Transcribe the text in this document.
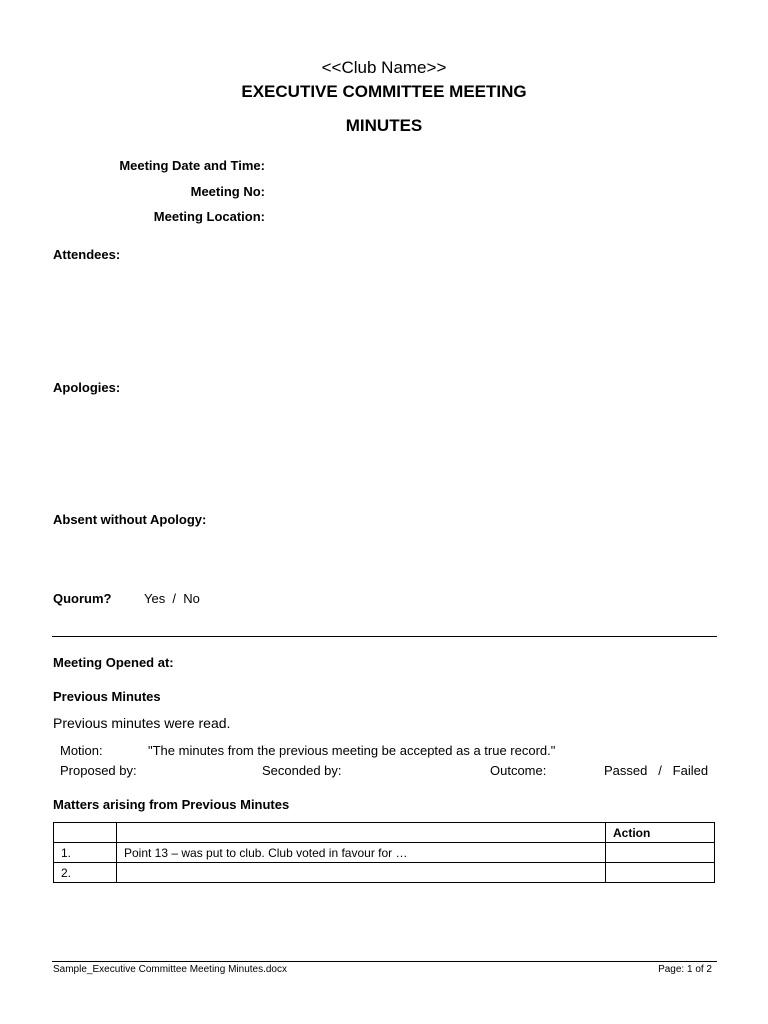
<<Club Name>>
EXECUTIVE COMMITTEE MEETING
MINUTES
Meeting Date and Time:
Meeting No:
Meeting Location:
Attendees:
Apologies:
Absent without Apology:
Quorum?	Yes  /  No
Meeting Opened at:
Previous Minutes
Previous minutes were read.
Motion:	"The minutes from the previous meeting be accepted as a true record."
Proposed by:	Seconded by:	Outcome:	Passed   /   Failed
Matters arising from Previous Minutes
		Action
1.	Point 13 – was put to club. Club voted in favour for …	
2.		
Sample_Executive Committee Meeting Minutes.docx	Page: 1 of 2
